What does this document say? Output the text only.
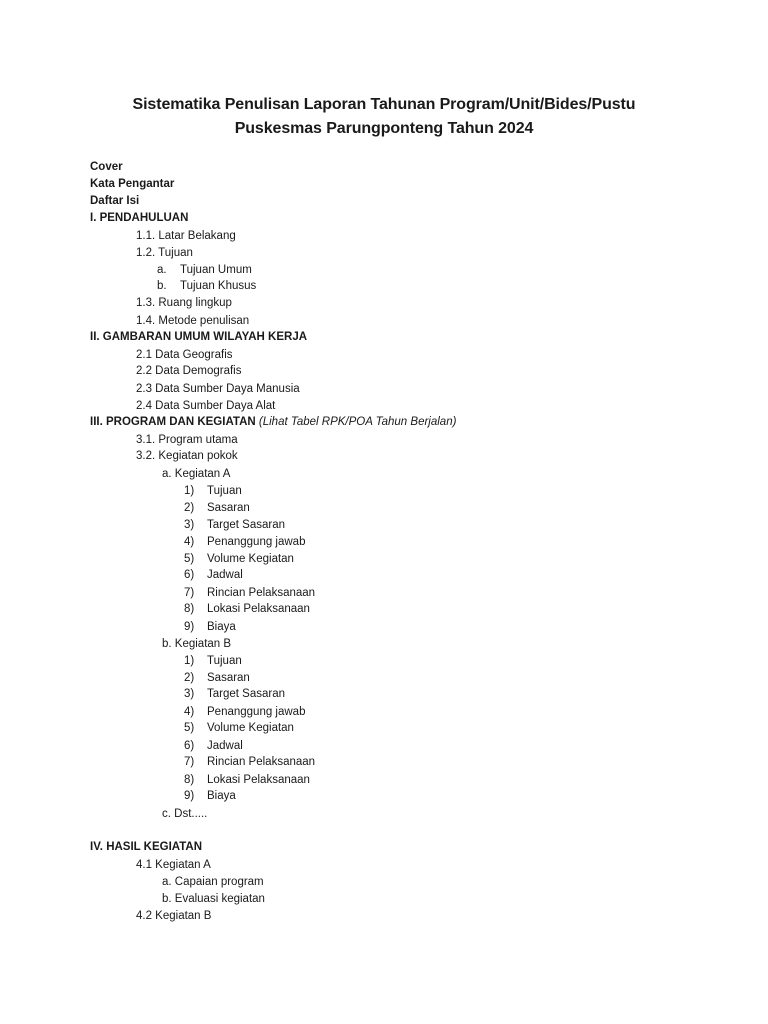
Sistematika Penulisan Laporan Tahunan Program/Unit/Bides/Pustu
Puskesmas Parungponteng Tahun 2024
Cover
Kata Pengantar
Daftar Isi
I. PENDAHULUAN
1.1. Latar Belakang
1.2. Tujuan
a. Tujuan Umum
b. Tujuan Khusus
1.3. Ruang lingkup
1.4. Metode penulisan
II. GAMBARAN UMUM WILAYAH KERJA
2.1 Data Geografis
2.2 Data Demografis
2.3 Data Sumber Daya Manusia
2.4 Data Sumber Daya Alat
III. PROGRAM DAN KEGIATAN (Lihat Tabel RPK/POA Tahun Berjalan)
3.1. Program utama
3.2. Kegiatan pokok
a. Kegiatan A
1) Tujuan
2) Sasaran
3) Target Sasaran
4) Penanggung jawab
5) Volume Kegiatan
6) Jadwal
7) Rincian Pelaksanaan
8) Lokasi Pelaksanaan
9) Biaya
b. Kegiatan B
1) Tujuan
2) Sasaran
3) Target Sasaran
4) Penanggung jawab
5) Volume Kegiatan
6) Jadwal
7) Rincian Pelaksanaan
8) Lokasi Pelaksanaan
9) Biaya
c. Dst.....
IV. HASIL KEGIATAN
4.1 Kegiatan A
a. Capaian program
b. Evaluasi kegiatan
4.2 Kegiatan B
